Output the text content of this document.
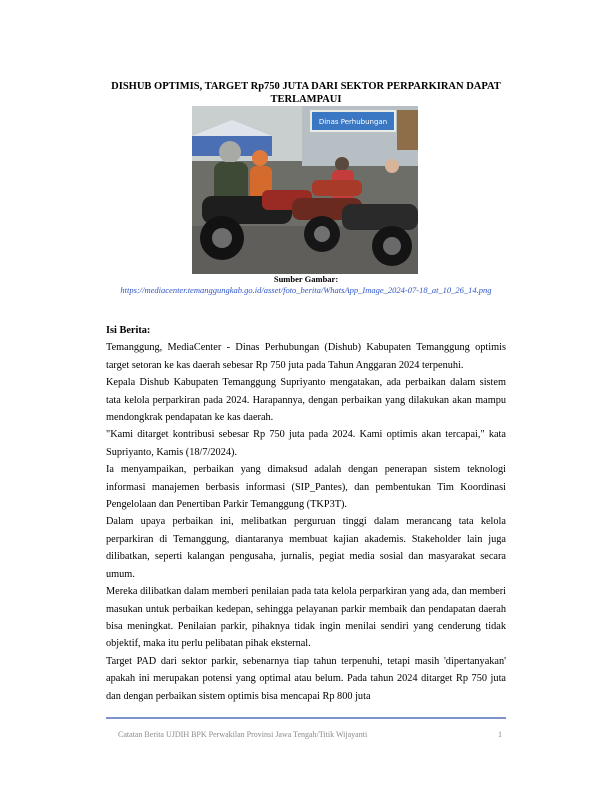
DISHUB OPTIMIS, TARGET Rp750 JUTA DARI SEKTOR PERPARKIRAN DAPAT TERLAMPAUI
Dinas Perhubungan
Sumber Gambar:
https://mediacenter.temanggungkab.go.id/asset/foto_berita/WhatsApp_Image_2024-07-18_at_10_26_14.png
Isi Berita:

Temanggung, MediaCenter - Dinas Perhubungan (Dishub) Kabupaten Temanggung optimis target setoran ke kas daerah sebesar Rp 750 juta pada Tahun Anggaran 2024 terpenuhi.

Kepala Dishub Kabupaten Temanggung Supriyanto mengatakan, ada perbaikan dalam sistem tata kelola perparkiran pada 2024. Harapannya, dengan perbaikan yang dilakukan akan mampu mendongkrak pendapatan ke kas daerah.

"Kami ditarget kontribusi sebesar Rp 750 juta pada 2024. Kami optimis akan tercapai," kata Supriyanto, Kamis (18/7/2024).

Ia menyampaikan, perbaikan yang dimaksud adalah dengan penerapan sistem teknologi informasi manajemen berbasis informasi (SIP_Pantes), dan pembentukan Tim Koordinasi Pengelolaan dan Penertiban Parkir Temanggung (TKP3T).

Dalam upaya perbaikan ini, melibatkan perguruan tinggi dalam merancang tata kelola perparkiran di Temanggung, diantaranya membuat kajian akademis. Stakeholder lain juga dilibatkan, seperti kalangan pengusaha, jurnalis, pegiat media sosial dan masyarakat secara umum.

Mereka dilibatkan dalam memberi penilaian pada tata kelola perparkiran yang ada, dan memberi masukan untuk perbaikan kedepan, sehingga pelayanan parkir membaik dan pendapatan daerah bisa meningkat. Penilaian parkir, pihaknya tidak ingin menilai sendiri yang cenderung tidak objektif, maka itu perlu pelibatan pihak eksternal.

Target PAD dari sektor parkir, sebenarnya tiap tahun terpenuhi, tetapi masih 'dipertanyakan' apakah ini merupakan potensi yang optimal atau belum. Pada tahun 2024 ditarget Rp 750 juta dan dengan perbaikan sistem optimis bisa mencapai Rp 800 juta

Catatan Berita UJDIH BPK Perwakilan Provinsi Jawa Tengah/Titik Wijayanti	1
